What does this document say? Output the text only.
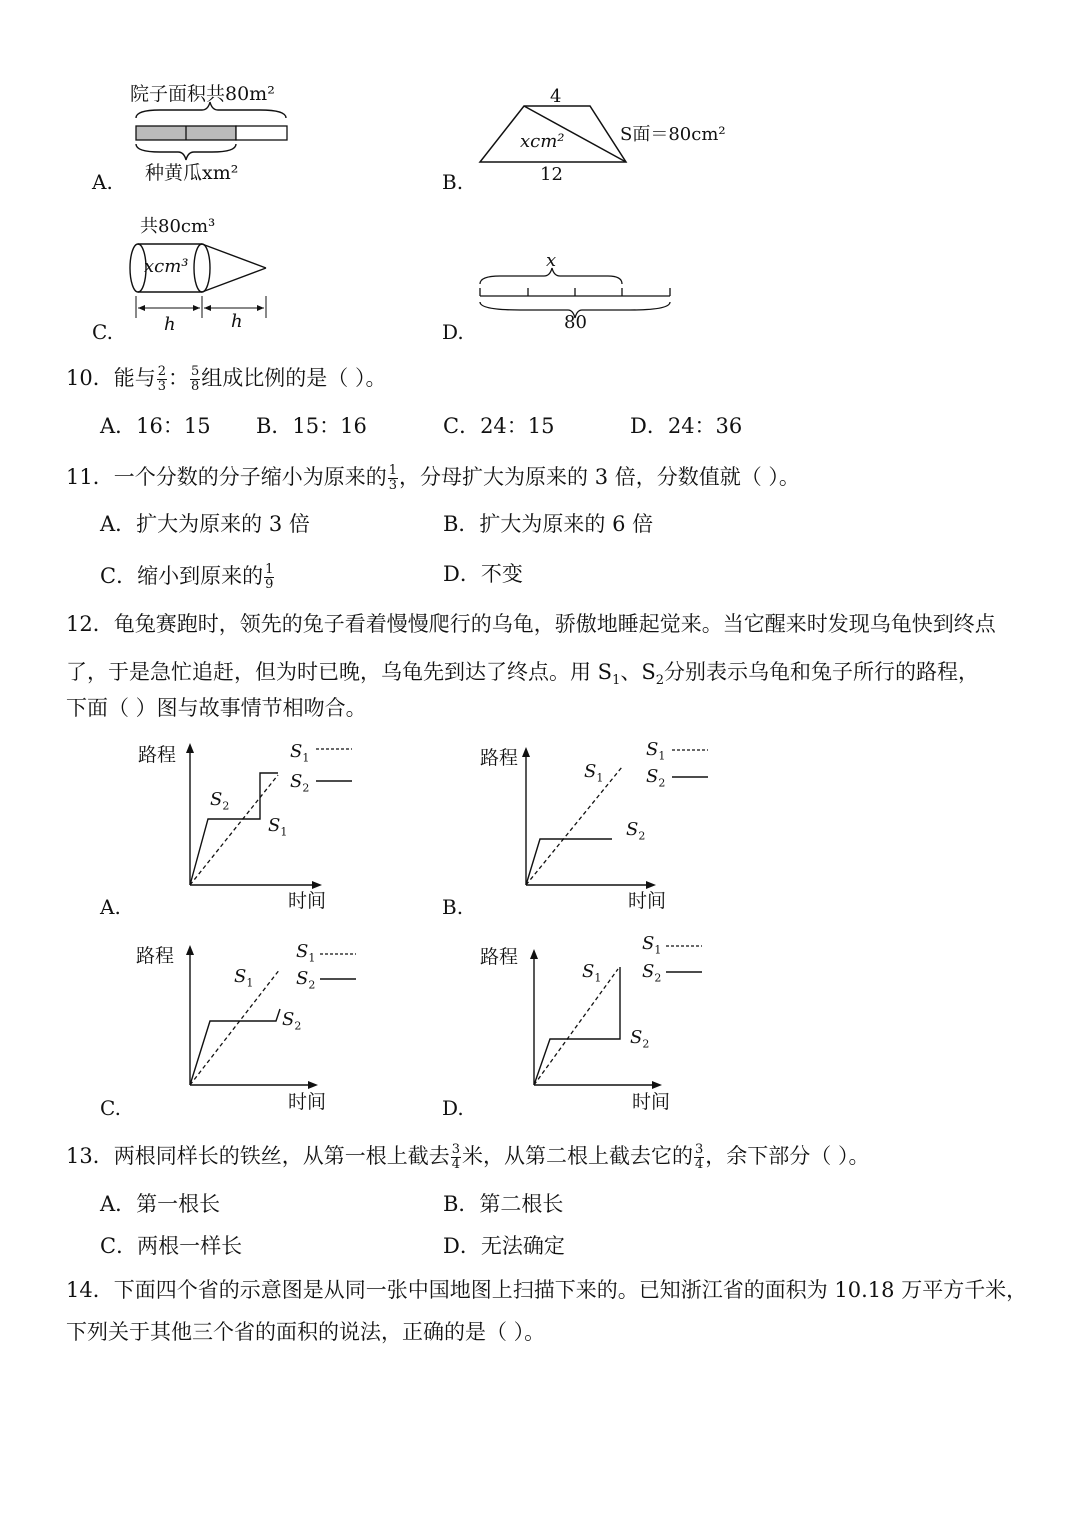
A.
院子面积共80m²
种黄瓜xm²	B.
4
xcm²	S面＝80cm²
12
C.
共80cm³
xcm³
h	h	D.
x
80
10．能与 $\frac{2}{3}$ ： $\frac{5}{8}$ 组成比例的是（ ）。
A．16：15 B．15：16	C．24：15	D．24：36
11．一个分数的分子缩小为原来的 $\frac{1}{3}$ ，分母扩大为原来的 3 倍，分数值就（ ）。
A．扩大为原来的 3 倍	B．扩大为原来的 6 倍
C．缩小到原来的 $\frac{1}{9}$	D．不变
12．龟兔赛跑时，领先的兔子看着慢慢爬行的乌龟，骄傲地睡起觉来。当它醒来时发现乌龟快到终点
了，于是急忙追赶，但为时已晚，乌龟先到达了终点。用 $S_1$、$S_2$分别表示乌龟和兔子所行的路程，
下面（ ）图与故事情节相吻合。
A.
路程
时间
$S_1$
$S_2$
$S_2$
$S_1$
B.
路程
时间
$S_1$
$S_2$
$S_1$
$S_2$
C.
路程
时间
$S_1$
$S_2$
$S_1$
$S_2$
D.
路程
时间
$S_1$
$S_2$
$S_1$
$S_2$
13．两根同样长的铁丝，从第一根上截去 $\frac{3}{4}$ 米，从第二根上截去它的 $\frac{3}{4}$ ，余下部分（ ）。
A．第一根长	B．第二根长
C．两根一样长	D．无法确定
14．下面四个省的示意图是从同一张中国地图上扫描下来的。已知浙江省的面积为 10.18 万平方千米，
下列关于其他三个省的面积的说法，正确的是（ ）。
